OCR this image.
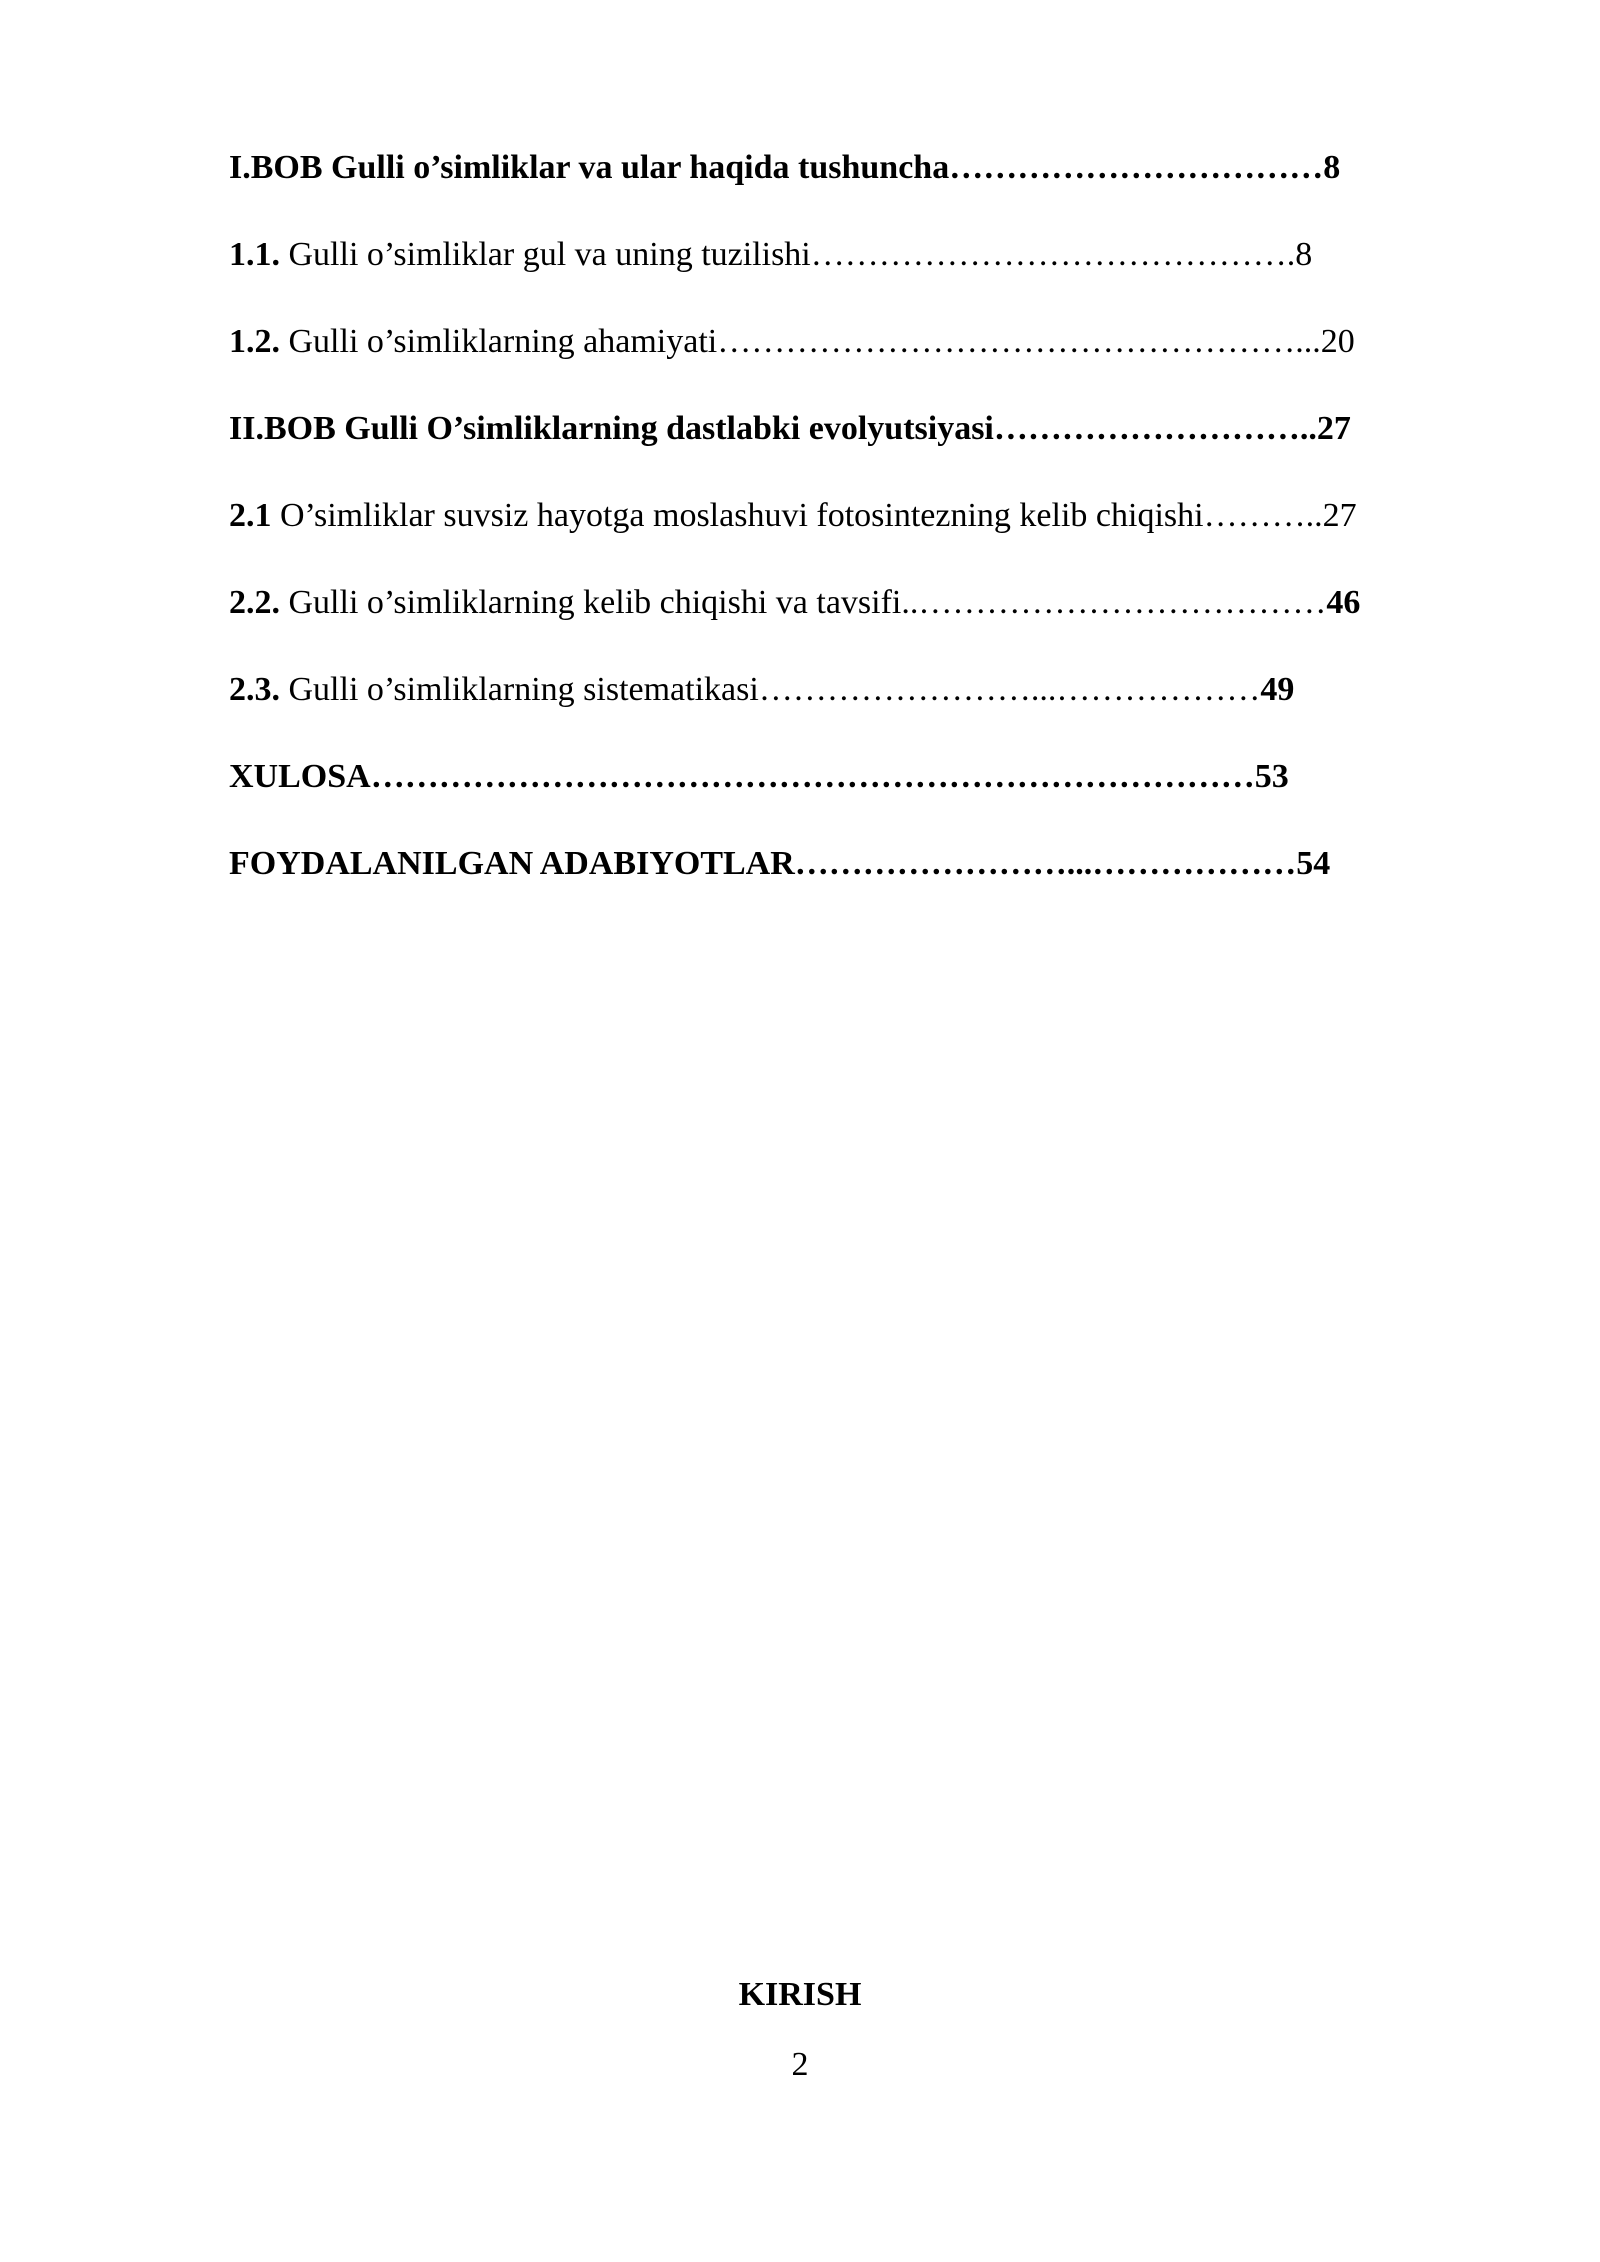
I.BOB Gulli o’simliklar va ular haqida tushuncha……………………………8
1.1. Gulli o’simliklar gul va uning tuzilishi…………………………………….8
1.2. Gulli o’simliklarning ahamiyati……………………………………………...20
II.BOB Gulli O’simliklarning dastlabki evolyutsiyasi………………………..27
2.1 O’simliklar suvsiz hayotga moslashuvi fotosintezning kelib chiqishi………..27
2.2. Gulli o’simliklarning kelib chiqishi va tavsifi..………………………………46
2.3. Gulli o’simliklarning sistematikasi……………………...………………49
XULOSA……………………………………………………………………53
FOYDALANILGAN ADABIYOTLAR……………………...………………54
KIRISH
2
